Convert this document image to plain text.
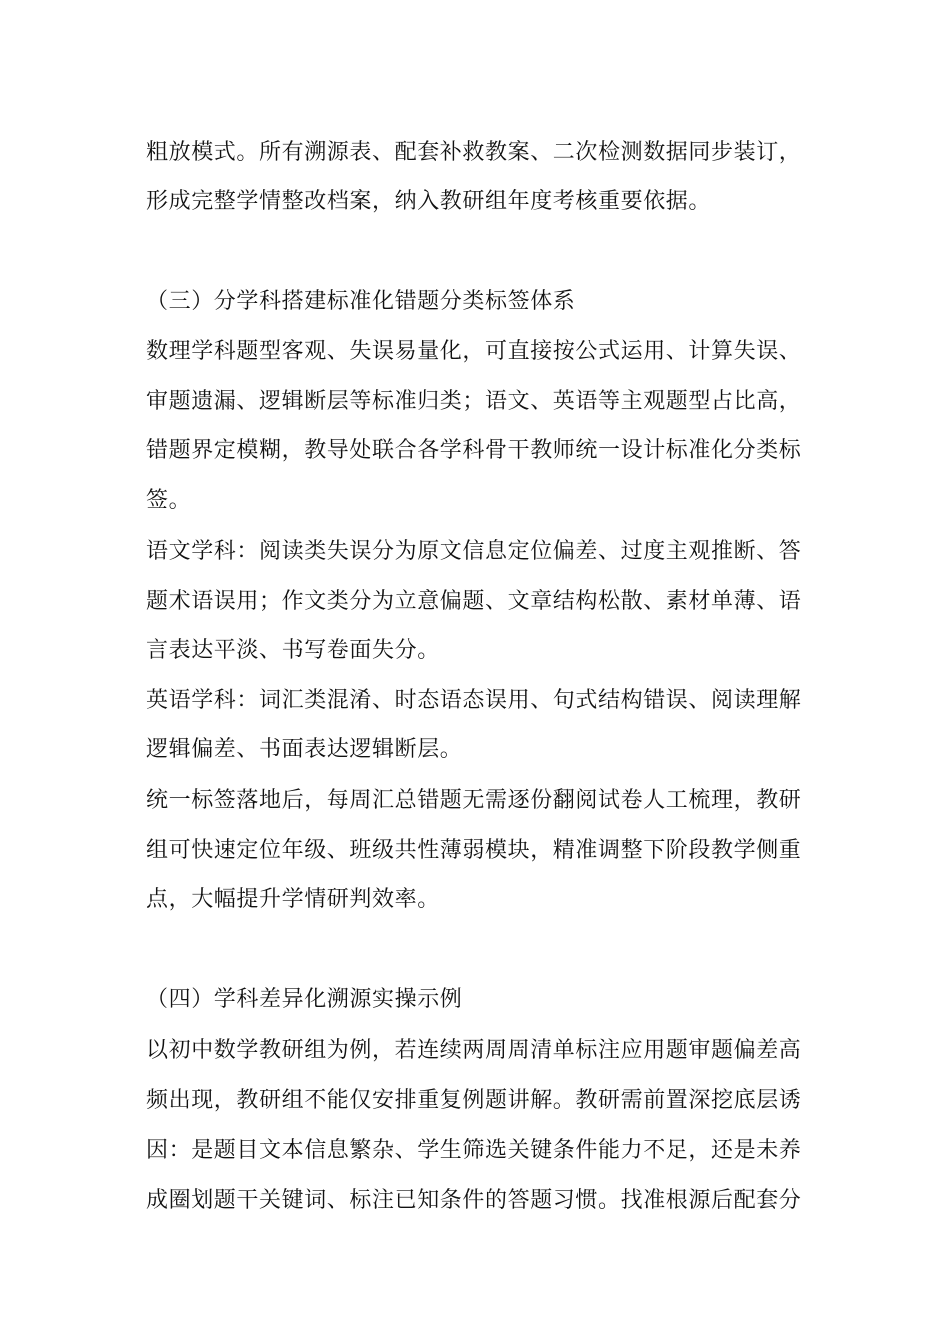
粗放模式。所有溯源表、配套补救教案、二次检测数据同步装订，
形成完整学情整改档案，纳入教研组年度考核重要依据。
（三）分学科搭建标准化错题分类标签体系
数理学科题型客观、失误易量化，可直接按公式运用、计算失误、
审题遗漏、逻辑断层等标准归类；语文、英语等主观题型占比高，
错题界定模糊，教导处联合各学科骨干教师统一设计标准化分类标
签。
语文学科：阅读类失误分为原文信息定位偏差、过度主观推断、答
题术语误用；作文类分为立意偏题、文章结构松散、素材单薄、语
言表达平淡、书写卷面失分。
英语学科：词汇类混淆、时态语态误用、句式结构错误、阅读理解
逻辑偏差、书面表达逻辑断层。
统一标签落地后，每周汇总错题无需逐份翻阅试卷人工梳理，教研
组可快速定位年级、班级共性薄弱模块，精准调整下阶段教学侧重
点，大幅提升学情研判效率。
（四）学科差异化溯源实操示例
以初中数学教研组为例，若连续两周周清单标注应用题审题偏差高
频出现，教研组不能仅安排重复例题讲解。教研需前置深挖底层诱
因：是题目文本信息繁杂、学生筛选关键条件能力不足，还是未养
成圈划题干关键词、标注已知条件的答题习惯。找准根源后配套分
